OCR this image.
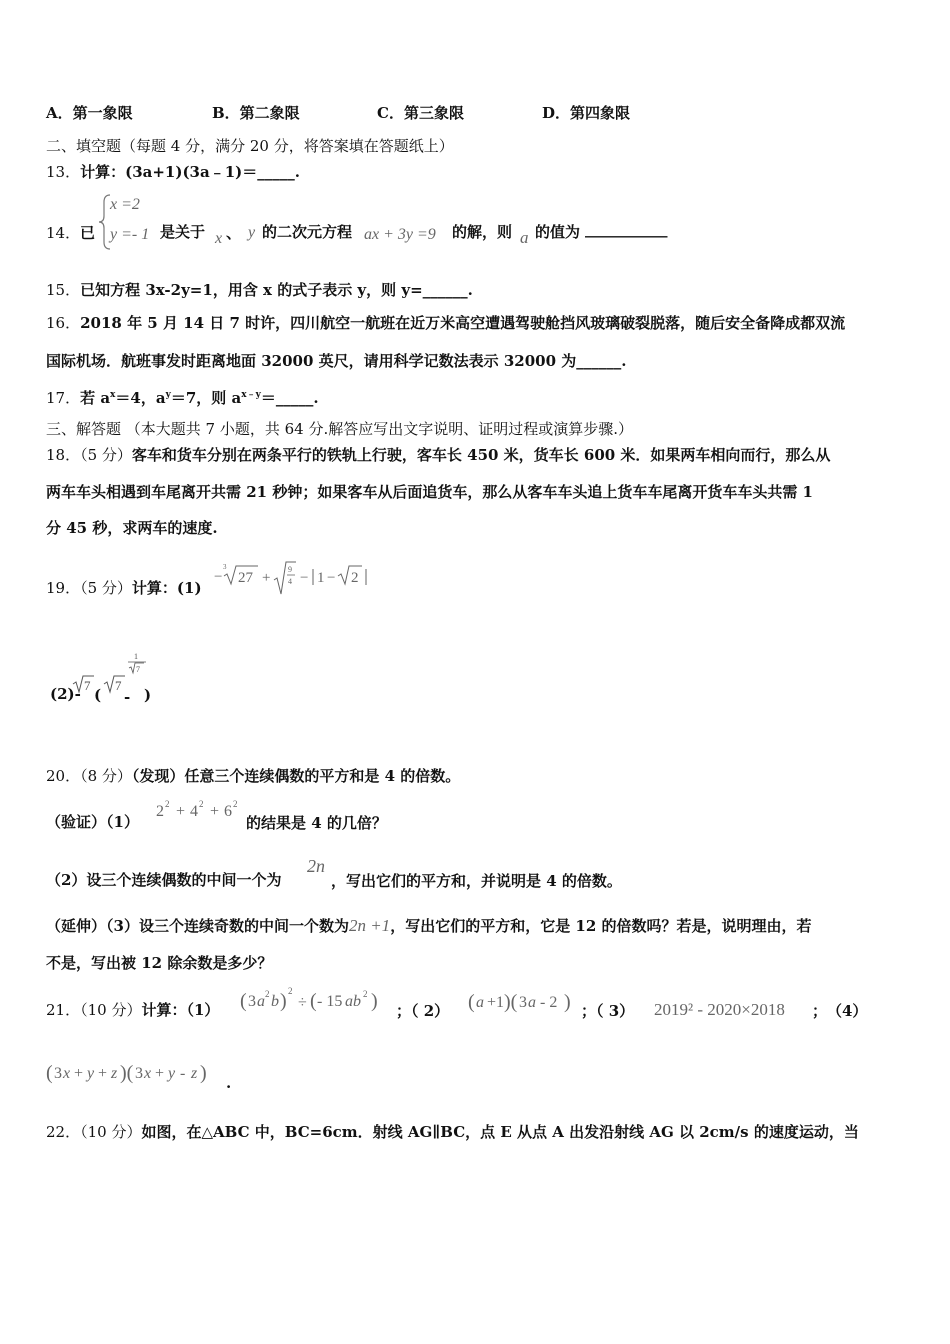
A．第一象限	B．第二象限	C．第三象限	D．第四象限
二、填空题（每题 4 分，满分 20 分，将答案填在答题纸上）
13．计算：(3a+1)(3a﹣1)＝_____.
14． 已
x =2
y =- 1 是关于 x 、 y 的二次元方程 ax + 3y =9 的解，则 a 的值为 ___________
15．已知方程 3x-2y=1，用含 x 的式子表示 y，则 y=______.
16．2018 年 5 月 14 日 7 时许，四川航空一航班在近万米高空遭遇驾驶舱挡风玻璃破裂脱落，随后安全备降成都双流
国际机场．航班事发时距离地面 32000 英尺，请用科学记数法表示 32000 为______.
17．若 $a^x=4$，$a^y=7$，则 $a^{x﹣y}=\_\_\_\_\_$.
三、解答题 （本大题共 7 小题，共 64 分.解答应写出文字说明、证明过程或演算步骤.）
18．（5 分）客车和货车分别在两条平行的铁轨上行驶，客车长 450 米，货车长 600 米．如果两车相向而行，那么从
两车车头相遇到车尾离开共需 21 秒钟；如果客车从后面追货车，那么从客车车头追上货车车尾离开货车车头共需 1
分 45 秒，求两车的速度.
19．（5 分）计算：(1)
−
3
27 +
9
4 − 1 − 2
(2)- 7 7
1
7
( - )
20．（8 分）（发现）任意三个连续偶数的平方和是 4 的倍数。
（验证）（1）
2 2 + 4 2 + 6 2
的结果是 4 的几倍？
（2）设三个连续偶数的中间一个为
2n
，写出它们的平方和，并说明是 4 的倍数。
（延伸）（3）设三个连续奇数的中间一个数为2n +1，写出它们的平方和，它是 12 的倍数吗？若是，说明理由，若
不是，写出被 12 除余数是多少？
21．（10 分）计算：（1） ( 3 a 2 b ) 2
÷ ( - 15 ab 2 ) ；（ 2） ( a +1 )( 3 a - 2 ) ；（ 3） 2019² - 2020×2018 ；　（4）
( 3 x + y + z )( 3 x + y - z ) .
22．（10 分）如图，在△ABC 中，BC=6cm．射线 AG∥BC，点 E 从点 A 出发沿射线 AG 以 2cm/s 的速度运动，当
